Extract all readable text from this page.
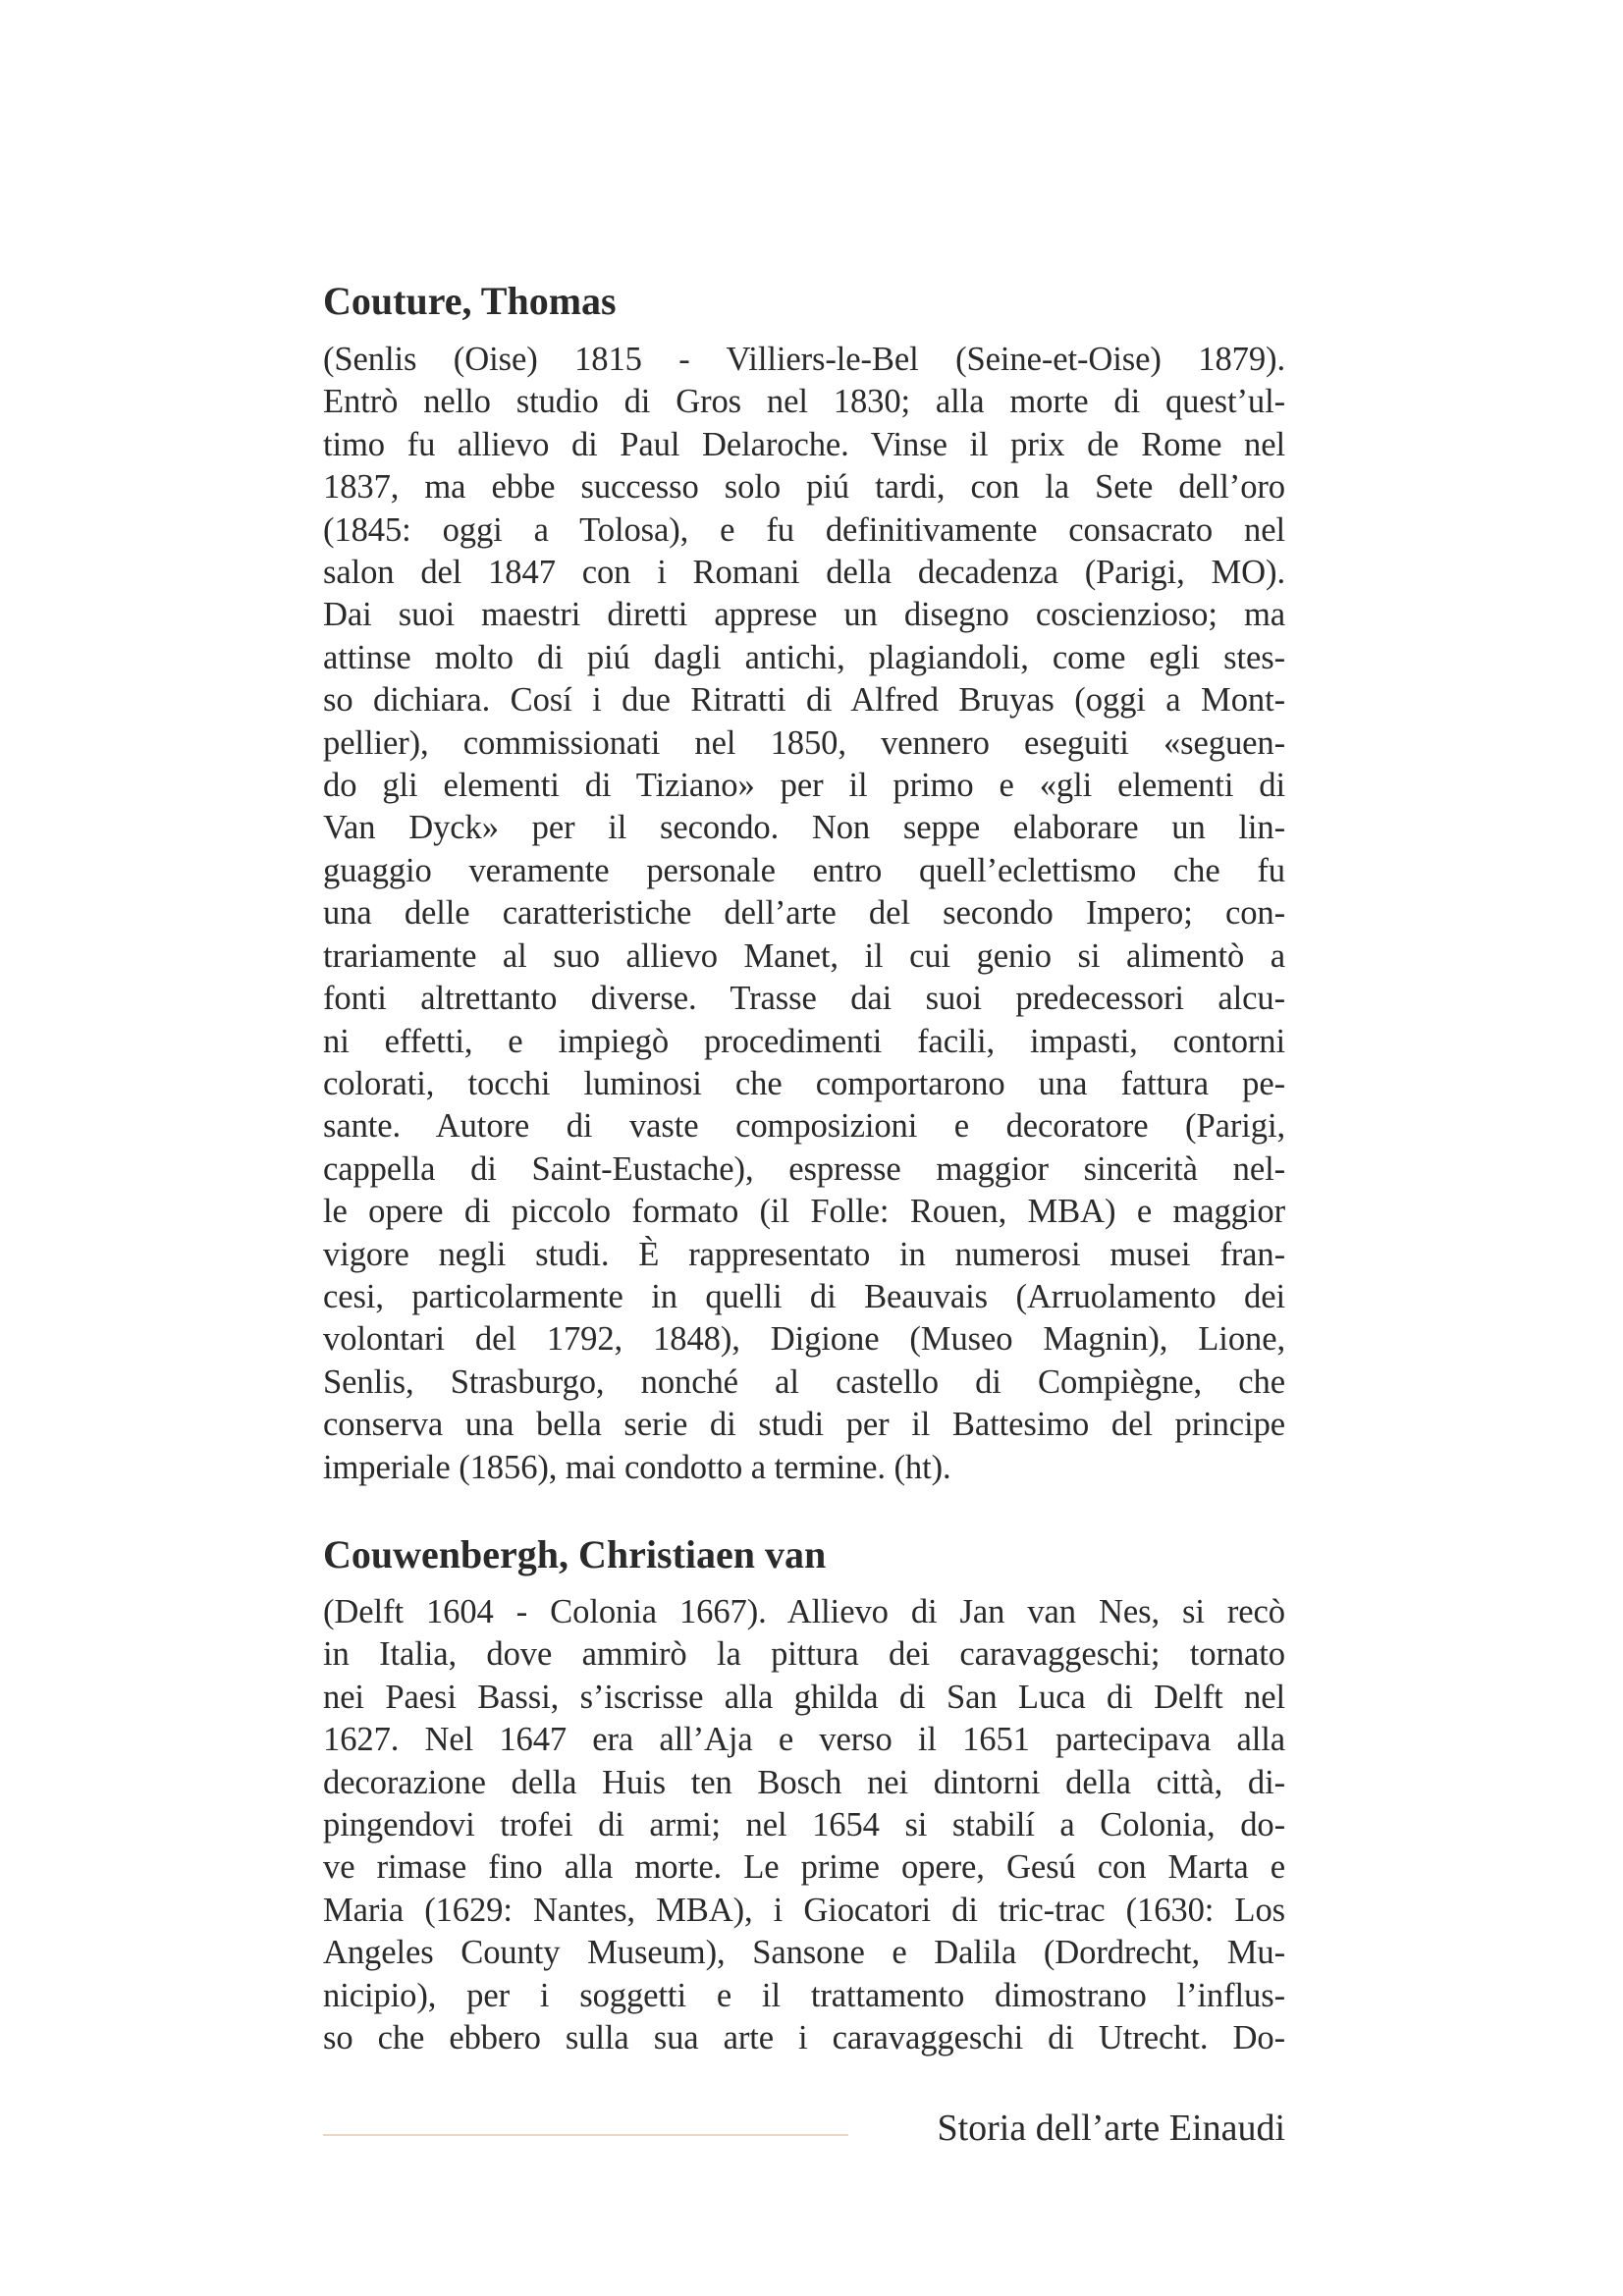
Couture, Thomas
(Senlis (Oise) 1815 - Villiers-le-Bel (Seine-et-Oise) 1879).
Entrò nello studio di Gros nel 1830; alla morte di quest’ul-
timo fu allievo di Paul Delaroche. Vinse il prix de Rome nel
1837, ma ebbe successo solo piú tardi, con la Sete dell’oro
(1845: oggi a Tolosa), e fu definitivamente consacrato nel
salon del 1847 con i Romani della decadenza (Parigi, MO).
Dai suoi maestri diretti apprese un disegno coscienzioso; ma
attinse molto di piú dagli antichi, plagiandoli, come egli stes-
so dichiara. Cosí i due Ritratti di Alfred Bruyas (oggi a Mont-
pellier), commissionati nel 1850, vennero eseguiti «seguen-
do gli elementi di Tiziano» per il primo e «gli elementi di
Van Dyck» per il secondo. Non seppe elaborare un lin-
guaggio veramente personale entro quell’eclettismo che fu
una delle caratteristiche dell’arte del secondo Impero; con-
trariamente al suo allievo Manet, il cui genio si alimentò a
fonti altrettanto diverse. Trasse dai suoi predecessori alcu-
ni effetti, e impiegò procedimenti facili, impasti, contorni
colorati, tocchi luminosi che comportarono una fattura pe-
sante. Autore di vaste composizioni e decoratore (Parigi,
cappella di Saint-Eustache), espresse maggior sincerità nel-
le opere di piccolo formato (il Folle: Rouen, MBA) e maggior
vigore negli studi. È rappresentato in numerosi musei fran-
cesi, particolarmente in quelli di Beauvais (Arruolamento dei
volontari del 1792, 1848), Digione (Museo Magnin), Lione,
Senlis, Strasburgo, nonché al castello di Compiègne, che
conserva una bella serie di studi per il Battesimo del principe
imperiale (1856), mai condotto a termine. (ht).
Couwenbergh, Christiaen van
(Delft 1604 - Colonia 1667). Allievo di Jan van Nes, si recò
in Italia, dove ammirò la pittura dei caravaggeschi; tornato
nei Paesi Bassi, s’iscrisse alla ghilda di San Luca di Delft nel
1627. Nel 1647 era all’Aja e verso il 1651 partecipava alla
decorazione della Huis ten Bosch nei dintorni della città, di-
pingendovi trofei di armi; nel 1654 si stabilí a Colonia, do-
ve rimase fino alla morte. Le prime opere, Gesú con Marta e
Maria (1629: Nantes, MBA), i Giocatori di tric-trac (1630: Los
Angeles County Museum), Sansone e Dalila (Dordrecht, Mu-
nicipio), per i soggetti e il trattamento dimostrano l’influs-
so che ebbero sulla sua arte i caravaggeschi di Utrecht. Do-
Storia dell’arte Einaudi
